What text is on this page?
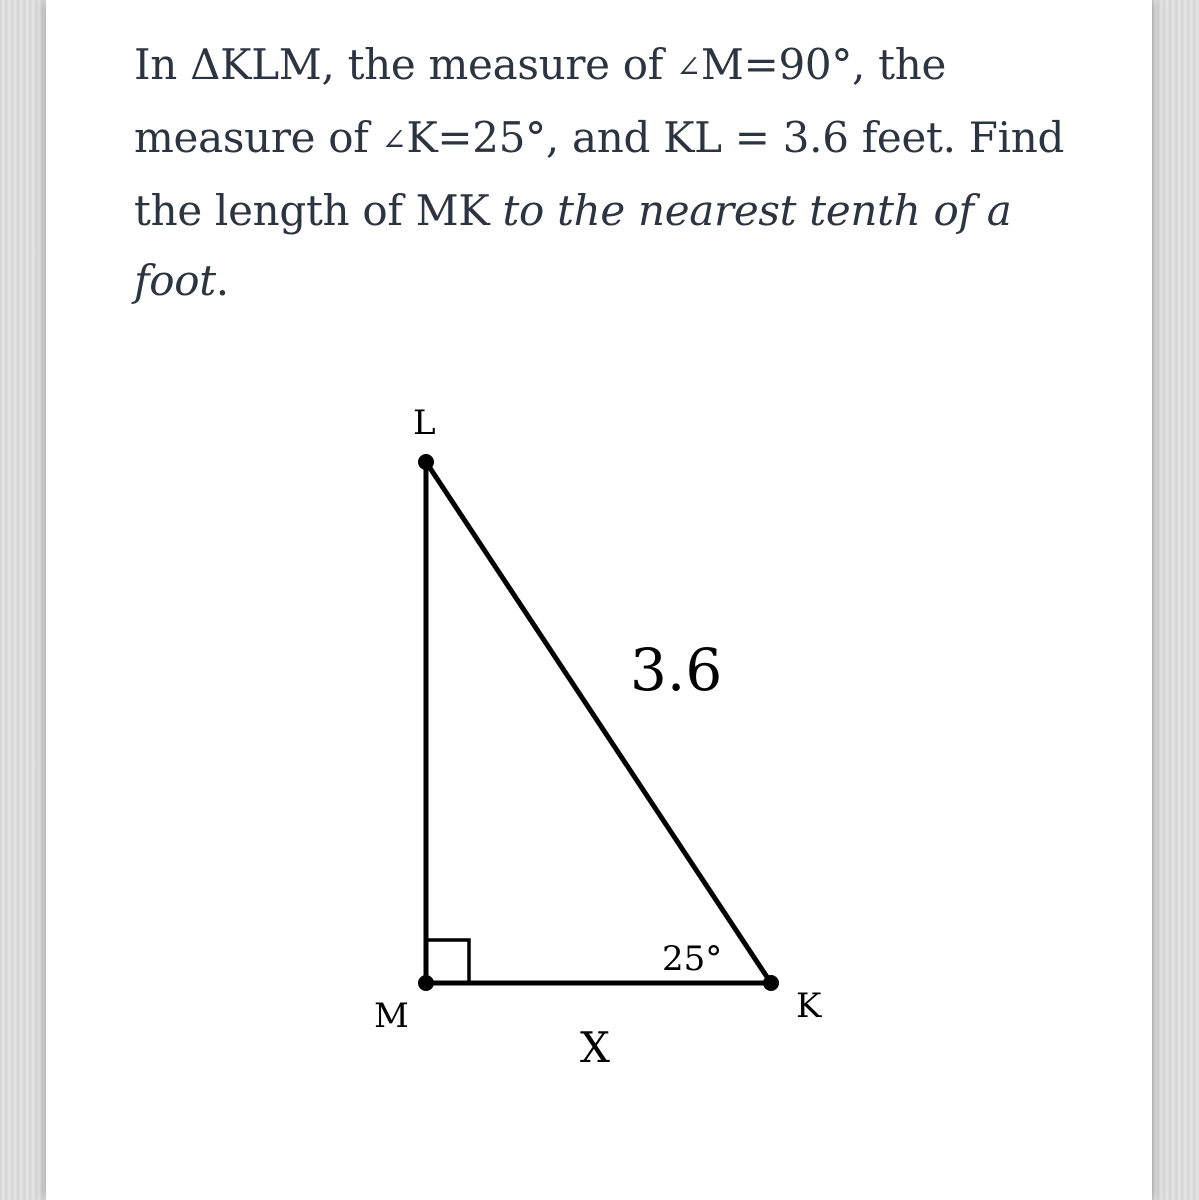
In ΔKLM, the measure of ∠M=90°, the measure of ∠K=25°, and KL = 3.6 feet. Find the length of MK to the nearest tenth of a foot.

L
M	K
3.6
25°
X
